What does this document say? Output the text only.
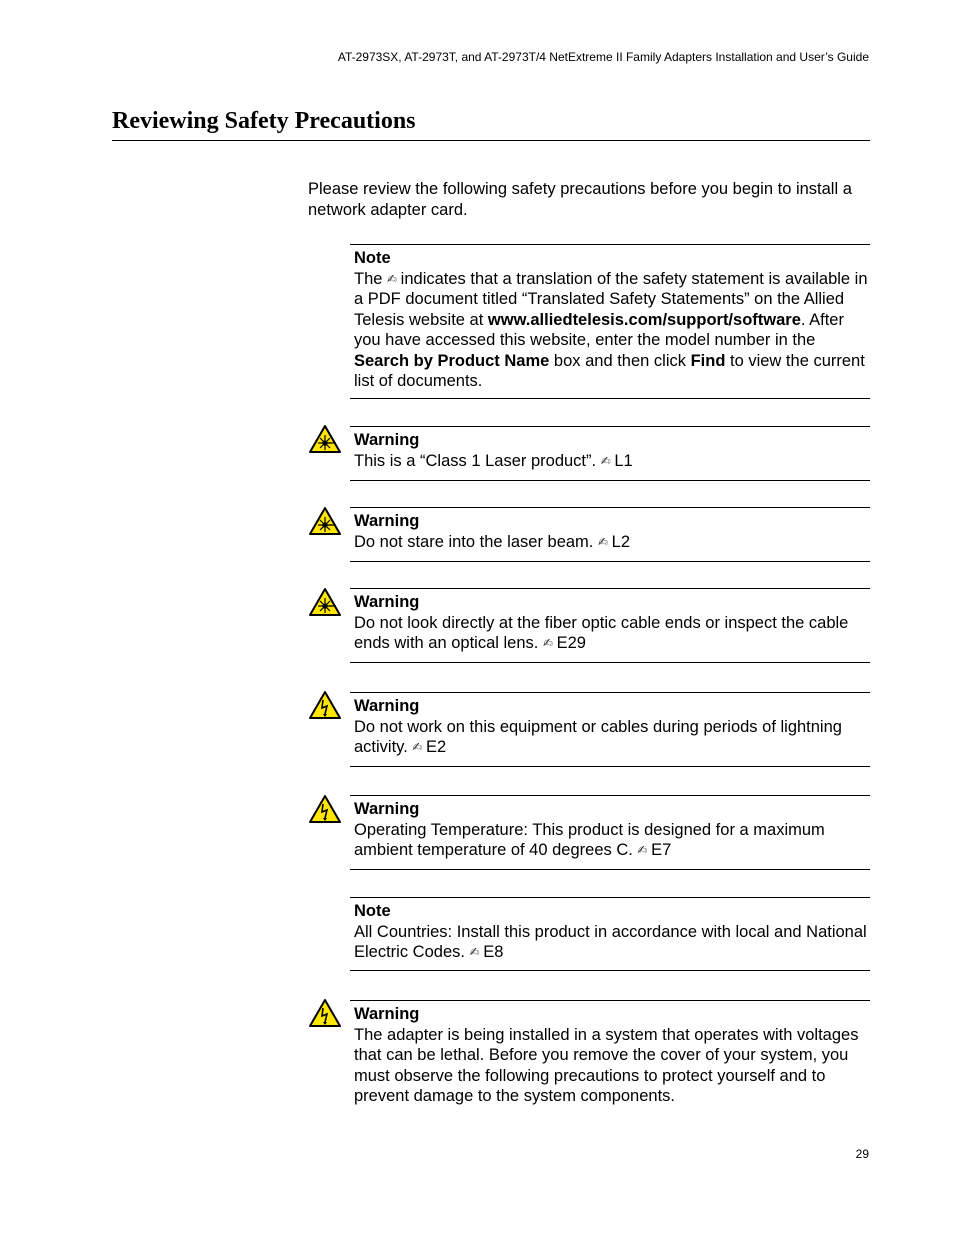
AT-2973SX, AT-2973T, and AT-2973T/4 NetExtreme II Family Adapters Installation and User’s Guide
Reviewing Safety Precautions

Please review the following safety precautions before you begin to install a network adapter card.

Note
The ✍ indicates that a translation of the safety statement is available in a PDF document titled “Translated Safety Statements” on the Allied Telesis website at www.alliedtelesis.com/support/software. After you have accessed this website, enter the model number in the Search by Product Name box and then click Find to view the current list of documents.
Warning
This is a “Class 1 Laser product”. ✍ L1
Warning
Do not stare into the laser beam. ✍ L2
Warning
Do not look directly at the fiber optic cable ends or inspect the cable ends with an optical lens. ✍ E29
Warning
Do not work on this equipment or cables during periods of lightning activity. ✍ E2
Warning
Operating Temperature: This product is designed for a maximum ambient temperature of 40 degrees C. ✍ E7
Note
All Countries: Install this product in accordance with local and National Electric Codes. ✍ E8
Warning
The adapter is being installed in a system that operates with voltages that can be lethal. Before you remove the cover of your system, you must observe the following precautions to protect yourself and to prevent damage to the system components.
29
